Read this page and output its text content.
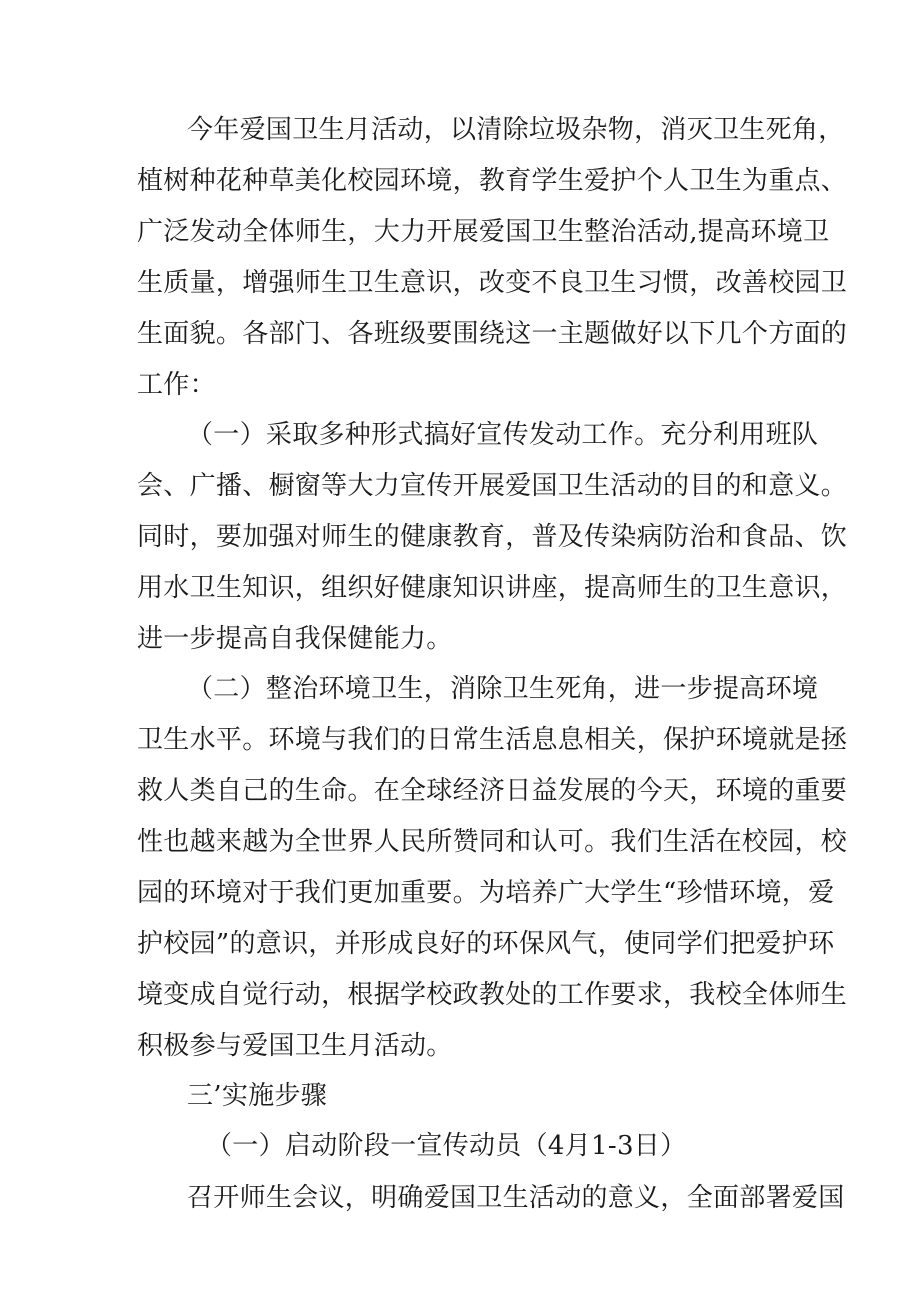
今年爱国卫生月活动，以清除垃圾杂物，消灭卫生死角，
植树种花种草美化校园环境，教育学生爱护个人卫生为重点、
广泛发动全体师生，大力开展爱国卫生整治活动,提高环境卫
生质量，增强师生卫生意识，改变不良卫生习惯，改善校园卫
生面貌。各部门、各班级要围绕这一主题做好以下几个方面的
工作：
（一）采取多种形式搞好宣传发动工作。充分利用班队
会、广播、橱窗等大力宣传开展爱国卫生活动的目的和意义。
同时，要加强对师生的健康教育，普及传染病防治和食品、饮
用水卫生知识，组织好健康知识讲座，提高师生的卫生意识，
进一步提高自我保健能力。
（二）整治环境卫生，消除卫生死角，进一步提高环境
卫生水平。环境与我们的日常生活息息相关，保护环境就是拯
救人类自己的生命。在全球经济日益发展的今天，环境的重要
性也越来越为全世界人民所赞同和认可。我们生活在校园，校
园的环境对于我们更加重要。为培养广大学生“珍惜环境，爱
护校园”的意识，并形成良好的环保风气，使同学们把爱护环
境变成自觉行动，根据学校政教处的工作要求，我校全体师生
积极参与爱国卫生月活动。
三’实施步骤
（一）启动阶段一宣传动员（4月1-3日）
召开师生会议，明确爱国卫生活动的意义，全面部署爱国
